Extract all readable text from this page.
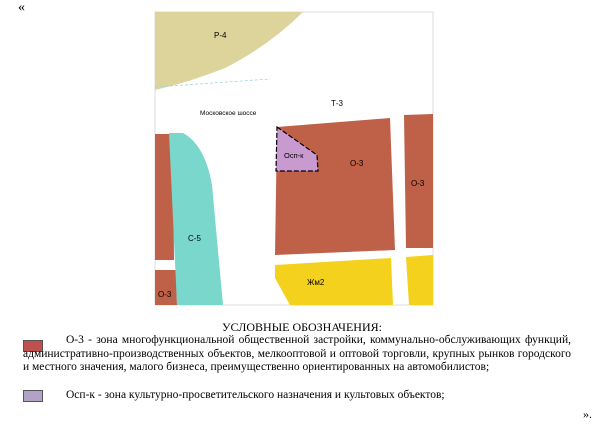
«
Р-4
Т-3
Московское шоссе
Осп-к
О-3
О-3
О-3
С-5
Жм2
УСЛОВНЫЕ ОБОЗНАЧЕНИЯ:
О-3 - зона многофункциональной общественной застройки, коммунально-обслуживающих функций, административно-производственных объектов, мелкооптовой и оптовой торговли, крупных рынков городского и местного значения, малого бизнеса, преимущественно ориентированных на автомобилистов;
Осп-к - зона культурно-просветительского назначения и культовых объектов;
».
